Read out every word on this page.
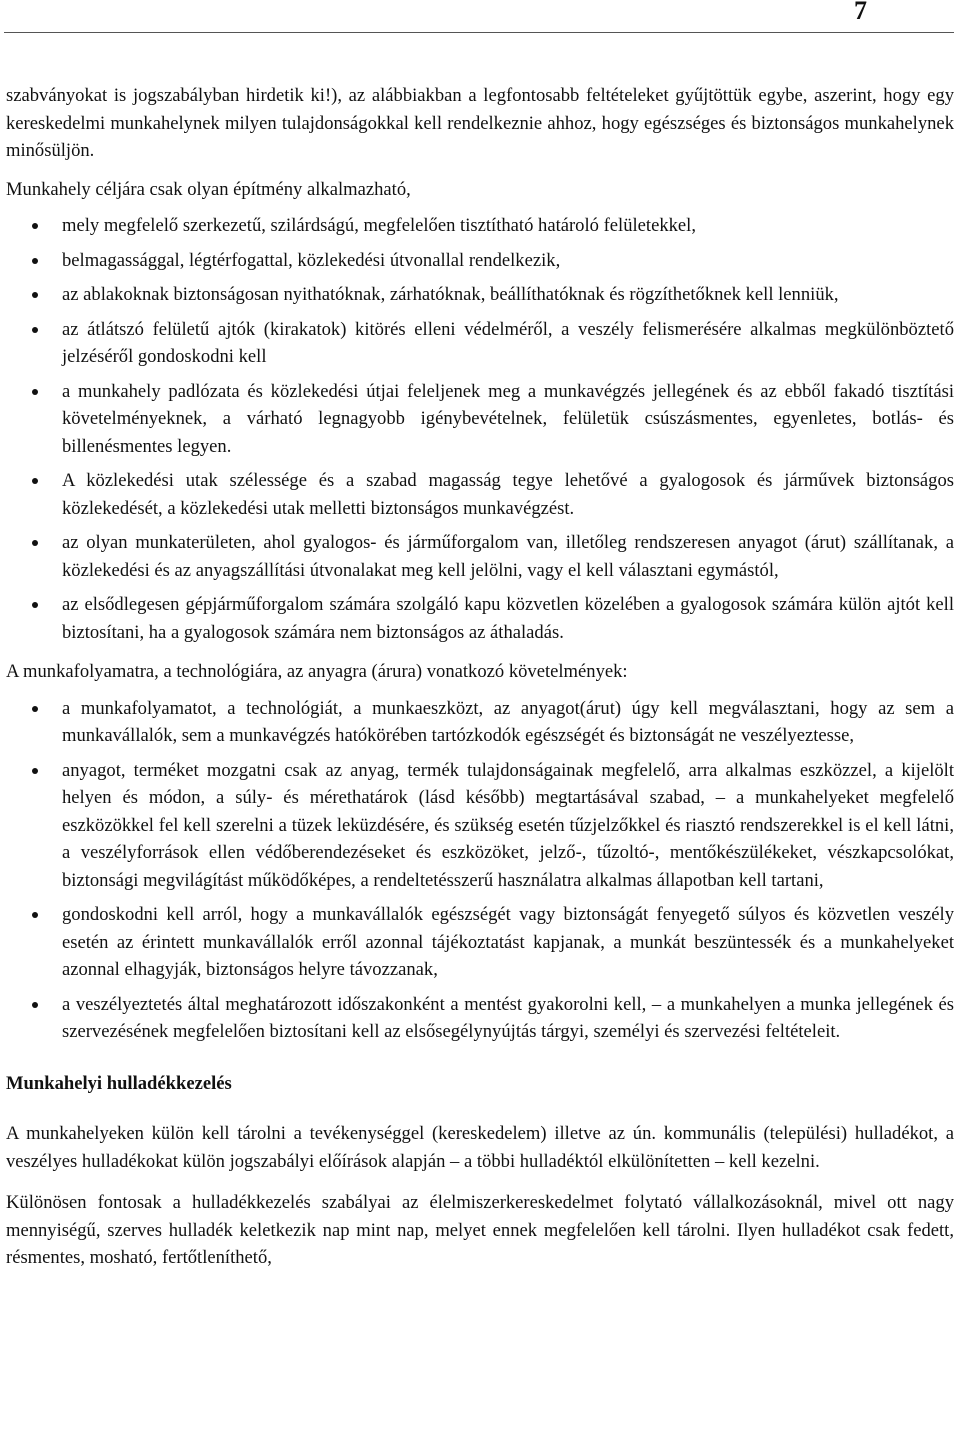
7

szabványokat is jogszabályban hirdetik ki!), az alábbiakban a legfontosabb feltételeket gyűjtöttük egybe, aszerint, hogy egy kereskedelmi munkahelynek milyen tulajdonságokkal kell rendelkeznie ahhoz, hogy egészséges és biztonságos munkahelynek minősüljön.

Munkahely céljára csak olyan építmény alkalmazható,

mely megfelelő szerkezetű, szilárdságú, megfelelően tisztítható határoló felületekkel,
belmagassággal, légtérfogattal, közlekedési útvonallal rendelkezik,
az ablakoknak biztonságosan nyithatóknak, zárhatóknak, beállíthatóknak és rögzíthetőknek kell lenniük,
az átlátszó felületű ajtók (kirakatok) kitörés elleni védelméről, a veszély felismerésére alkalmas megkülönböztető jelzéséről gondoskodni kell
a munkahely padlózata és közlekedési útjai feleljenek meg a munkavégzés jellegének és az ebből fakadó tisztítási követelményeknek, a várható legnagyobb igénybevételnek, felületük csúszásmentes, egyenletes, botlás- és billenésmentes legyen.
A közlekedési utak szélessége és a szabad magasság tegye lehetővé a gyalogosok és járművek biztonságos közlekedését, a közlekedési utak melletti biztonságos munkavégzést.
az olyan munkaterületen, ahol gyalogos- és járműforgalom van, illetőleg rendszeresen anyagot (árut) szállítanak, a közlekedési és az anyagszállítási útvonalakat meg kell jelölni, vagy el kell választani egymástól,
az elsődlegesen gépjárműforgalom számára szolgáló kapu közvetlen közelében a gyalogosok számára külön ajtót kell biztosítani, ha a gyalogosok számára nem biztonságos az áthaladás.

A munkafolyamatra, a technológiára, az anyagra (árura) vonatkozó követelmények:

a munkafolyamatot, a technológiát, a munkaeszközt, az anyagot(árut) úgy kell megválasztani, hogy az sem a munkavállalók, sem a munkavégzés hatókörében tartózkodók egészségét és biztonságát ne veszélyeztesse,
anyagot, terméket mozgatni csak az anyag, termék tulajdonságainak megfelelő, arra alkalmas eszközzel, a kijelölt helyen és módon, a súly- és mérethatárok (lásd később) megtartásával szabad, – a munkahelyeket megfelelő eszközökkel fel kell szerelni a tüzek leküzdésére, és szükség esetén tűzjelzőkkel és riasztó rendszerekkel is el kell látni, a veszélyforrások ellen védőberendezéseket és eszközöket, jelző-, tűzoltó-, mentőkészülékeket, vészkapcsolókat, biztonsági megvilágítást működőképes, a rendeltetésszerű használatra alkalmas állapotban kell tartani,
gondoskodni kell arról, hogy a munkavállalók egészségét vagy biztonságát fenyegető súlyos és közvetlen veszély esetén az érintett munkavállalók erről azonnal tájékoztatást kapjanak, a munkát beszüntessék és a munkahelyeket azonnal elhagyják, biztonságos helyre távozzanak,
a veszélyeztetés által meghatározott időszakonként a mentést gyakorolni kell, – a munkahelyen a munka jellegének és szervezésének megfelelően biztosítani kell az elsősegélynyújtás tárgyi, személyi és szervezési feltételeit.

Munkahelyi hulladékkezelés

A munkahelyeken külön kell tárolni a tevékenységgel (kereskedelem) illetve az ún. kommunális (települési) hulladékot, a veszélyes hulladékokat külön jogszabályi előírások alapján – a többi hulladéktól elkülönítetten – kell kezelni.

Különösen fontosak a hulladékkezelés szabályai az élelmiszerkereskedelmet folytató vállalkozásoknál, mivel ott nagy mennyiségű, szerves hulladék keletkezik nap mint nap, melyet ennek megfelelően kell tárolni. Ilyen hulladékot csak fedett, résmentes, mosható, fertőtleníthető,
